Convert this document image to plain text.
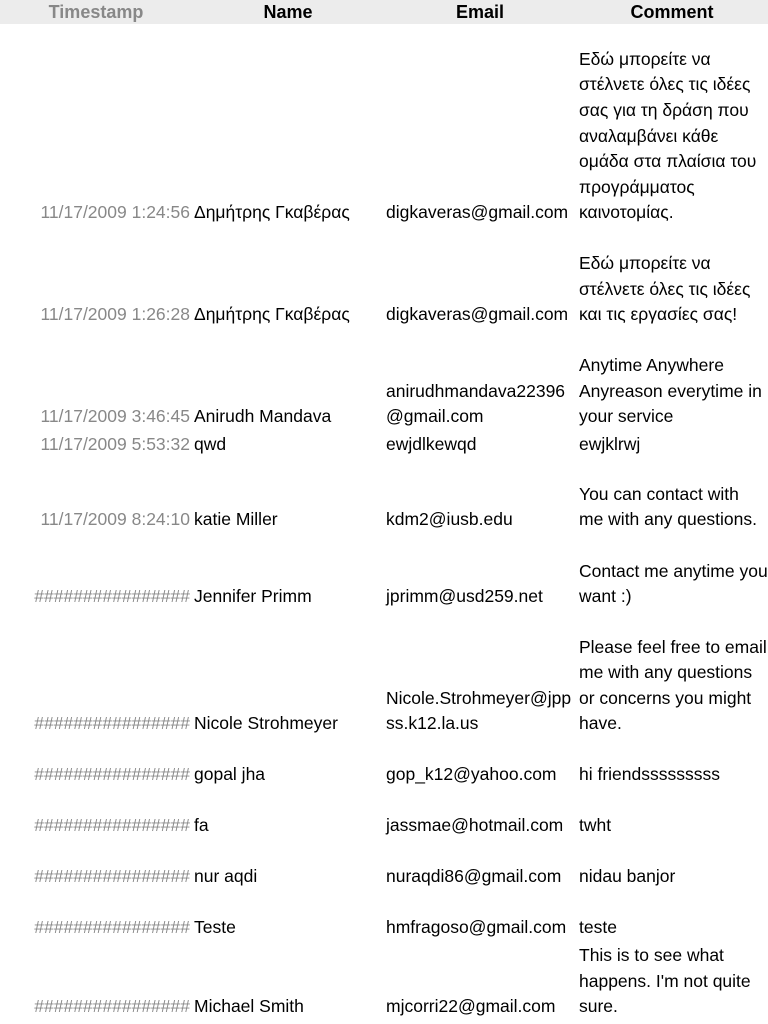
Timestamp	Name	Email	Comment
11/17/2009 1:24:56	Δημήτρης Γκαβέρας	digkaveras@gmail.com	Εδώ μπορείτε να στέλνετε όλες τις ιδέες σας για τη δράση που αναλαμβάνει κάθε ομάδα στα πλαίσια του προγράμματος καινοτομίας.
11/17/2009 1:26:28	Δημήτρης Γκαβέρας	digkaveras@gmail.com	Εδώ μπορείτε να στέλνετε όλες τις ιδέες και τις εργασίες σας!
11/17/2009 3:46:45	Anirudh Mandava	anirudhmandava22396@gmail.com	Anytime Anywhere Anyreason everytime in your service
11/17/2009 5:53:32	qwd	ewjdlkewqd	ewjklrwj
11/17/2009 8:24:10	katie Miller	kdm2@iusb.edu	You can contact with me with any questions.
################	Jennifer Primm	jprimm@usd259.net	Contact me anytime you want :)
################	Nicole Strohmeyer	Nicole.Strohmeyer@jppss.k12.la.us	Please feel free to email me with any questions or concerns you might have.
################	gopal jha	gop_k12@yahoo.com	hi friendsssssssss
################	fa	jassmae@hotmail.com	twht
################	nur aqdi	nuraqdi86@gmail.com	nidau banjor
################	Teste	hmfragoso@gmail.com	teste
################	Michael Smith	mjcorri22@gmail.com	This is to see what happens. I'm not quite sure.
